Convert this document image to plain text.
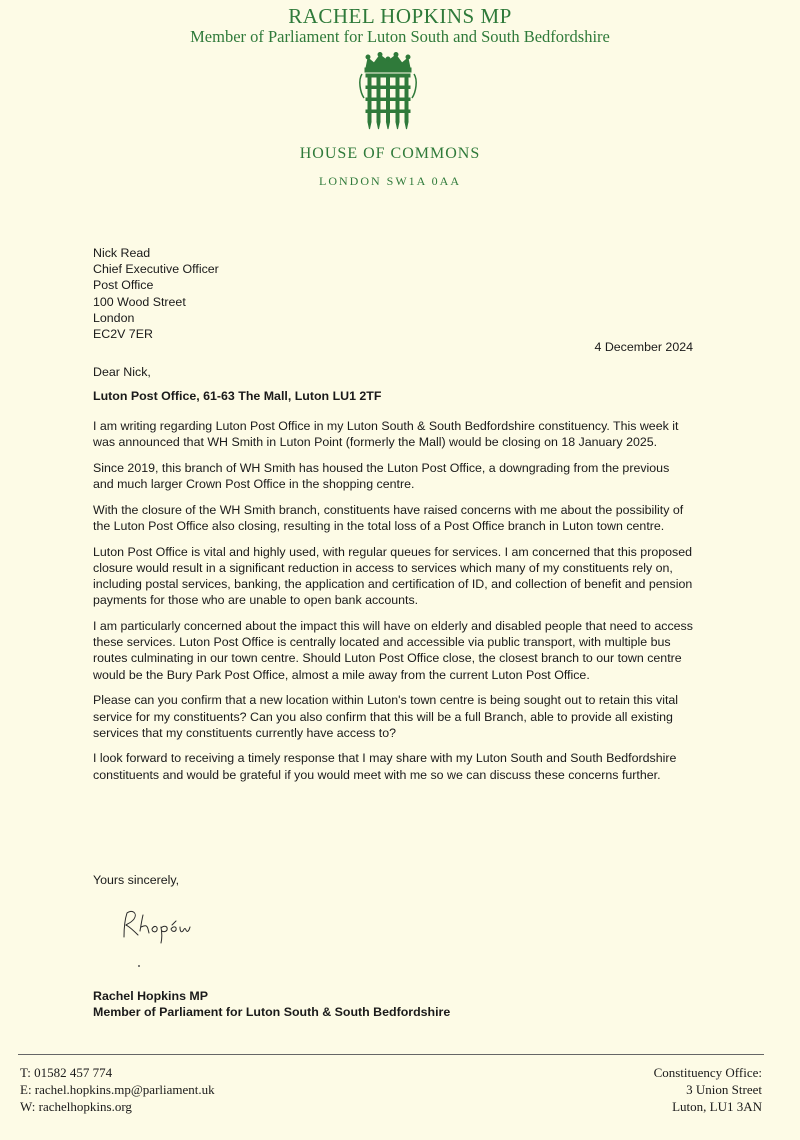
RACHEL HOPKINS MP
Member of Parliament for Luton South and South Bedfordshire
HOUSE OF COMMONS
LONDON SW1A 0AA
Nick Read
Chief Executive Officer
Post Office
100 Wood Street
London
EC2V 7ER
4 December 2024
Dear Nick,
Luton Post Office, 61-63 The Mall, Luton LU1 2TF

I am writing regarding Luton Post Office in my Luton South & South Bedfordshire constituency. This week it was announced that WH Smith in Luton Point (formerly the Mall) would be closing on 18 January 2025.

Since 2019, this branch of WH Smith has housed the Luton Post Office, a downgrading from the previous and much larger Crown Post Office in the shopping centre.

With the closure of the WH Smith branch, constituents have raised concerns with me about the possibility of the Luton Post Office also closing, resulting in the total loss of a Post Office branch in Luton town centre.

Luton Post Office is vital and highly used, with regular queues for services. I am concerned that this proposed closure would result in a significant reduction in access to services which many of my constituents rely on, including postal services, banking, the application and certification of ID, and collection of benefit and pension payments for those who are unable to open bank accounts.

I am particularly concerned about the impact this will have on elderly and disabled people that need to access these services. Luton Post Office is centrally located and accessible via public transport, with multiple bus routes culminating in our town centre. Should Luton Post Office close, the closest branch to our town centre would be the Bury Park Post Office, almost a mile away from the current Luton Post Office.

Please can you confirm that a new location within Luton's town centre is being sought out to retain this vital service for my constituents? Can you also confirm that this will be a full Branch, able to provide all existing services that my constituents currently have access to?

I look forward to receiving a timely response that I may share with my Luton South and South Bedfordshire constituents and would be grateful if you would meet with me so we can discuss these concerns further.

Yours sincerely,
Rachel Hopkins MP
Member of Parliament for Luton South & South Bedfordshire
T: 01582 457 774
E: rachel.hopkins.mp@parliament.uk
W: rachelhopkins.org
Constituency Office:
3 Union Street
Luton, LU1 3AN
